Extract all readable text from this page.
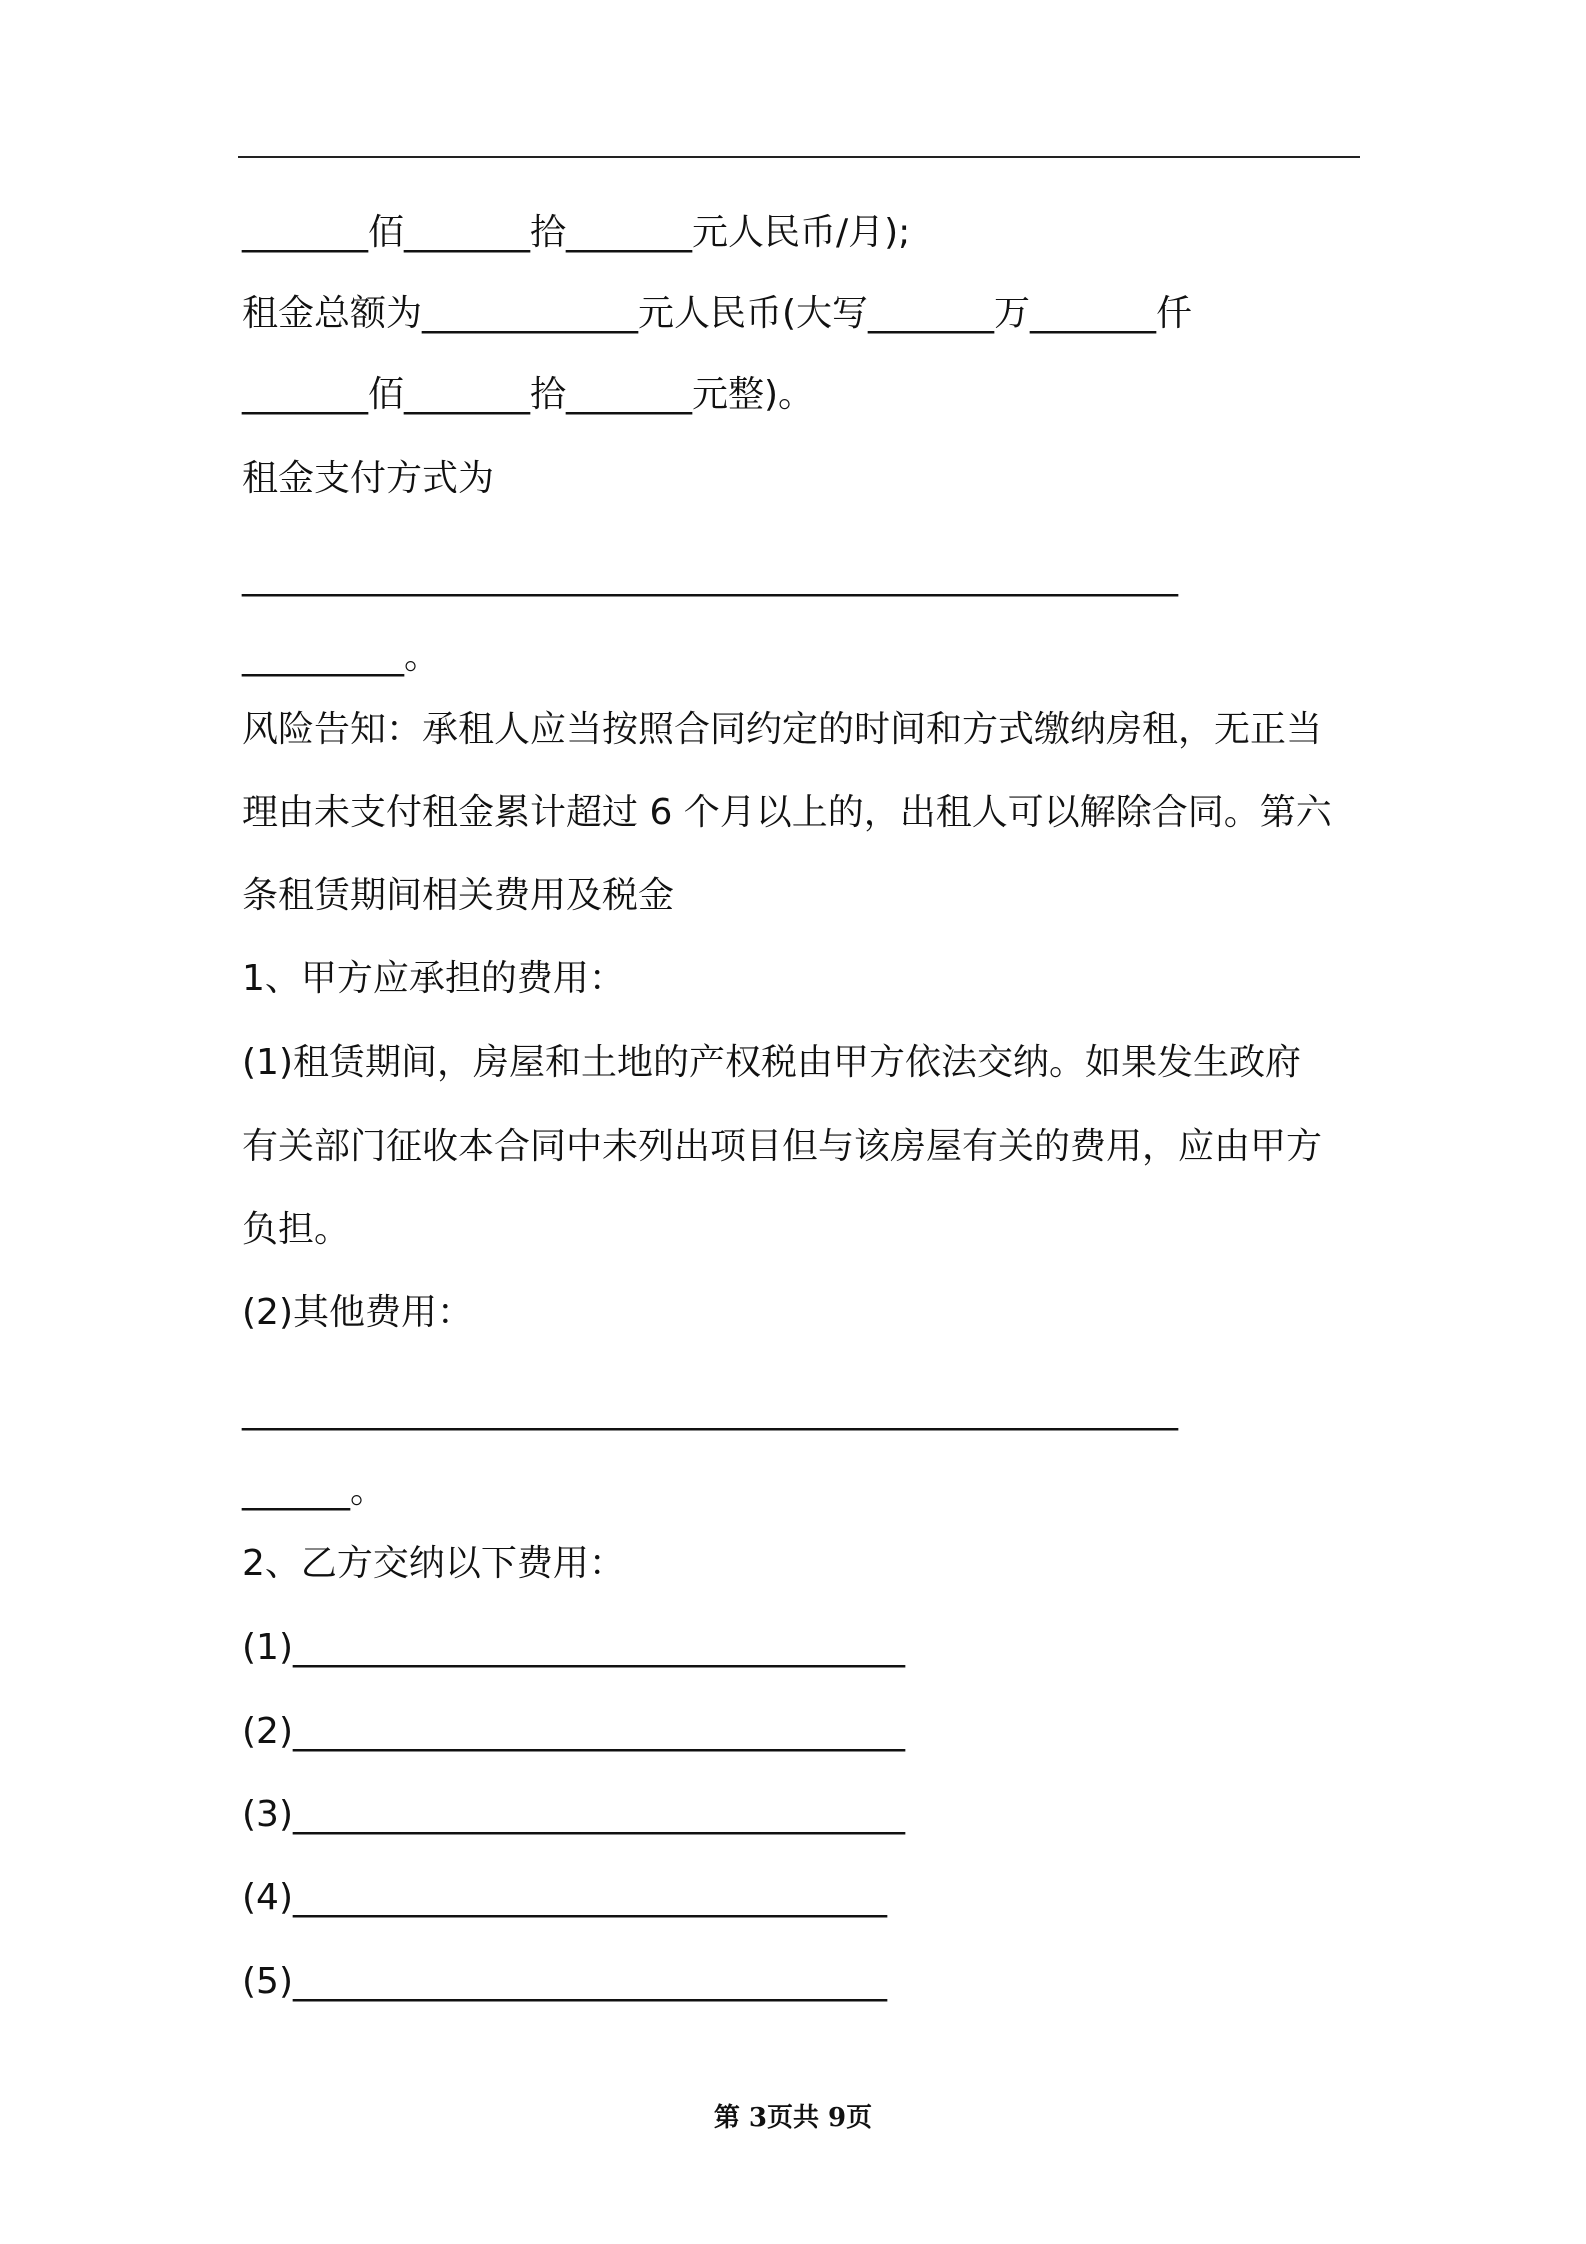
_______佰_______拾_______元人民币/月);

租金总额为____________元人民币(大写_______万_______仟

_______佰_______拾_______元整)。

租金支付方式为

____________________________________________________

_________。

风险告知：承租人应当按照合同约定的时间和方式缴纳房租，无正当

理由未支付租金累计超过 6 个月以上的，出租人可以解除合同。第六

条租赁期间相关费用及税金

1、甲方应承担的费用：

(1)租赁期间，房屋和土地的产权税由甲方依法交纳。如果发生政府

有关部门征收本合同中未列出项目但与该房屋有关的费用，应由甲方

负担。

(2)其他费用：

____________________________________________________

______。

2、乙方交纳以下费用：

(1)__________________________________

(2)__________________________________

(3)__________________________________

(4)_________________________________

(5)_________________________________

第 3页共 9页
